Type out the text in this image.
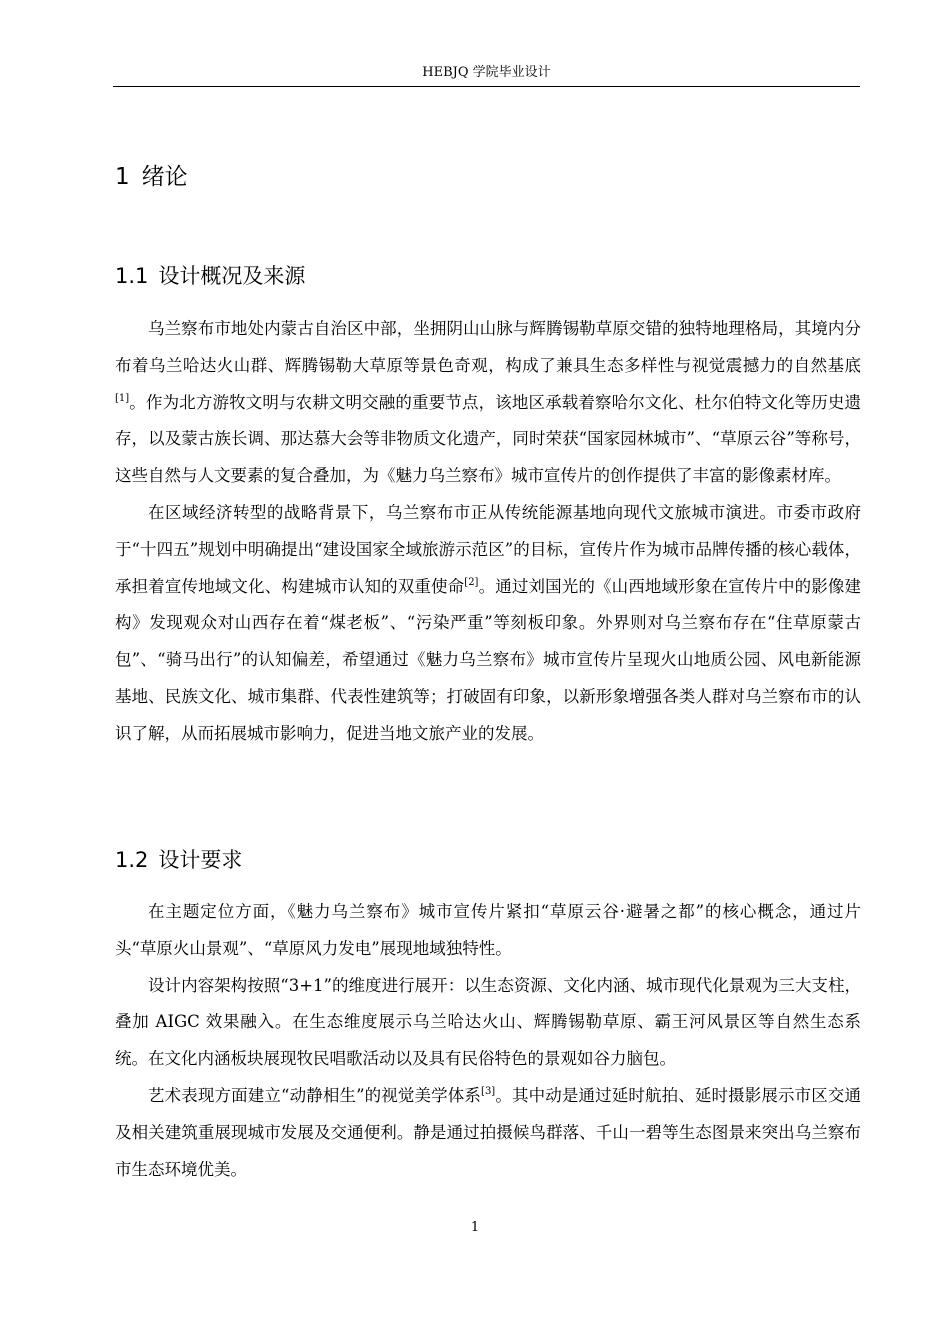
HEBJQ 学院毕业设计
1 绪论
1.1 设计概况及来源

乌兰察布市地处内蒙古自治区中部，坐拥阴山山脉与辉腾锡勒草原交错的独特地理格局，其境内分布着乌兰哈达火山群、辉腾锡勒大草原等景色奇观，构成了兼具生态多样性与视觉震撼力的自然基底[1]。作为北方游牧文明与农耕文明交融的重要节点，该地区承载着察哈尔文化、杜尔伯特文化等历史遗存，以及蒙古族长调、那达慕大会等非物质文化遗产，同时荣获“国家园林城市”、“草原云谷”等称号，这些自然与人文要素的复合叠加，为《魅力乌兰察布》城市宣传片的创作提供了丰富的影像素材库。

在区域经济转型的战略背景下，乌兰察布市正从传统能源基地向现代文旅城市演进。市委市政府于“十四五”规划中明确提出“建设国家全域旅游示范区”的目标，宣传片作为城市品牌传播的核心载体，承担着宣传地域文化、构建城市认知的双重使命[2]。通过刘国光的《山西地域形象在宣传片中的影像建构》发现观众对山西存在着“煤老板”、“污染严重”等刻板印象。外界则对乌兰察布存在“住草原蒙古包”、“骑马出行”的认知偏差，希望通过《魅力乌兰察布》城市宣传片呈现火山地质公园、风电新能源基地、民族文化、城市集群、代表性建筑等；打破固有印象，以新形象增强各类人群对乌兰察布市的认识了解，从而拓展城市影响力，促进当地文旅产业的发展。

1.2 设计要求

在主题定位方面，《魅力乌兰察布》城市宣传片紧扣“草原云谷·避暑之都”的核心概念，通过片头“草原火山景观”、“草原风力发电”展现地域独特性。

设计内容架构按照“3+1”的维度进行展开：以生态资源、文化内涵、城市现代化景观为三大支柱，叠加 AIGC 效果融入。在生态维度展示乌兰哈达火山、辉腾锡勒草原、霸王河风景区等自然生态系统。在文化内涵板块展现牧民唱歌活动以及具有民俗特色的景观如谷力脑包。

艺术表现方面建立“动静相生”的视觉美学体系[3]。其中动是通过延时航拍、延时摄影展示市区交通及相关建筑重展现城市发展及交通便利。静是通过拍摄候鸟群落、千山一碧等生态图景来突出乌兰察布市生态环境优美。

1
